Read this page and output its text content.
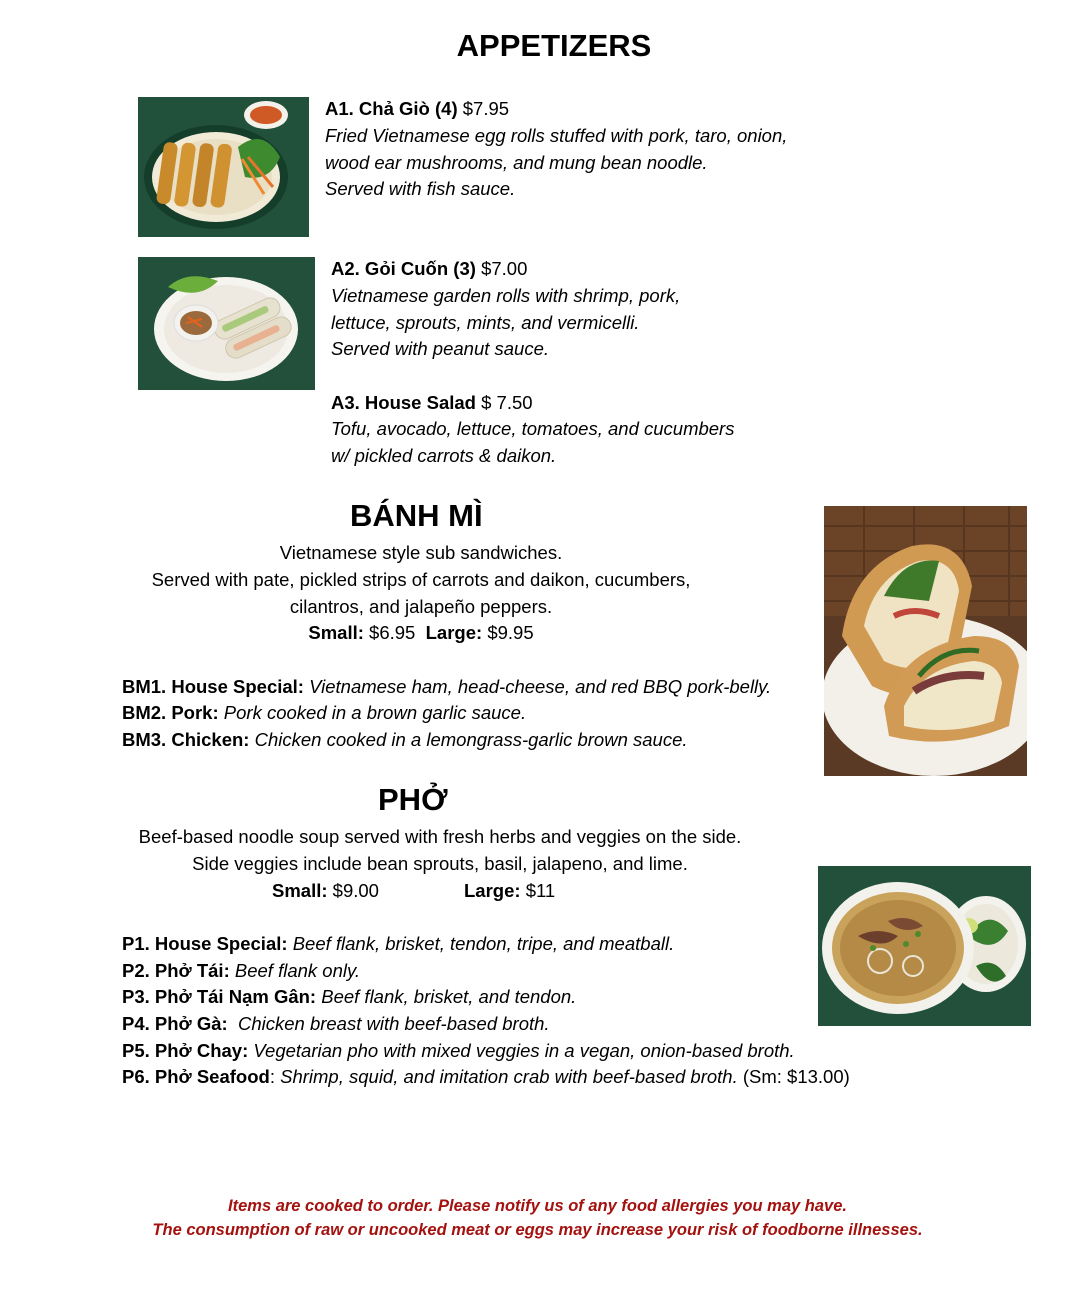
APPETIZERS
A1. Chả Giò (4) $7.95
Fried Vietnamese egg rolls stuffed with pork, taro, onion,
wood ear mushrooms, and mung bean noodle.
Served with fish sauce.
A2. Gỏi Cuốn (3) $7.00
Vietnamese garden rolls with shrimp, pork,
lettuce, sprouts, mints, and vermicelli.
Served with peanut sauce.
A3. House Salad $ 7.50
Tofu, avocado, lettuce, tomatoes, and cucumbers
w/ pickled carrots & daikon.
BÁNH MÌ
Vietnamese style sub sandwiches.
Served with pate, pickled strips of carrots and daikon, cucumbers,
cilantros, and jalapeño peppers.
Small: $6.95 Large: $9.95
BM1. House Special: Vietnamese ham, head-cheese, and red BBQ pork-belly.
BM2. Pork: Pork cooked in a brown garlic sauce.
BM3. Chicken: Chicken cooked in a lemongrass-garlic brown sauce.
PHỞ
Beef-based noodle soup served with fresh herbs and veggies on the side.
Side veggies include bean sprouts, basil, jalapeno, and lime.
Small: $9.00	Large: $11
P1. House Special: Beef flank, brisket, tendon, tripe, and meatball.
P2. Phở Tái: Beef flank only.
P3. Phở Tái Nạm Gân: Beef flank, brisket, and tendon.
P4. Phở Gà: Chicken breast with beef-based broth.
P5. Phở Chay: Vegetarian pho with mixed veggies in a vegan, onion-based broth.
P6. Phở Seafood: Shrimp, squid, and imitation crab with beef-based broth. (Sm: $13.00)
Items are cooked to order. Please notify us of any food allergies you may have.
The consumption of raw or uncooked meat or eggs may increase your risk of foodborne illnesses.
